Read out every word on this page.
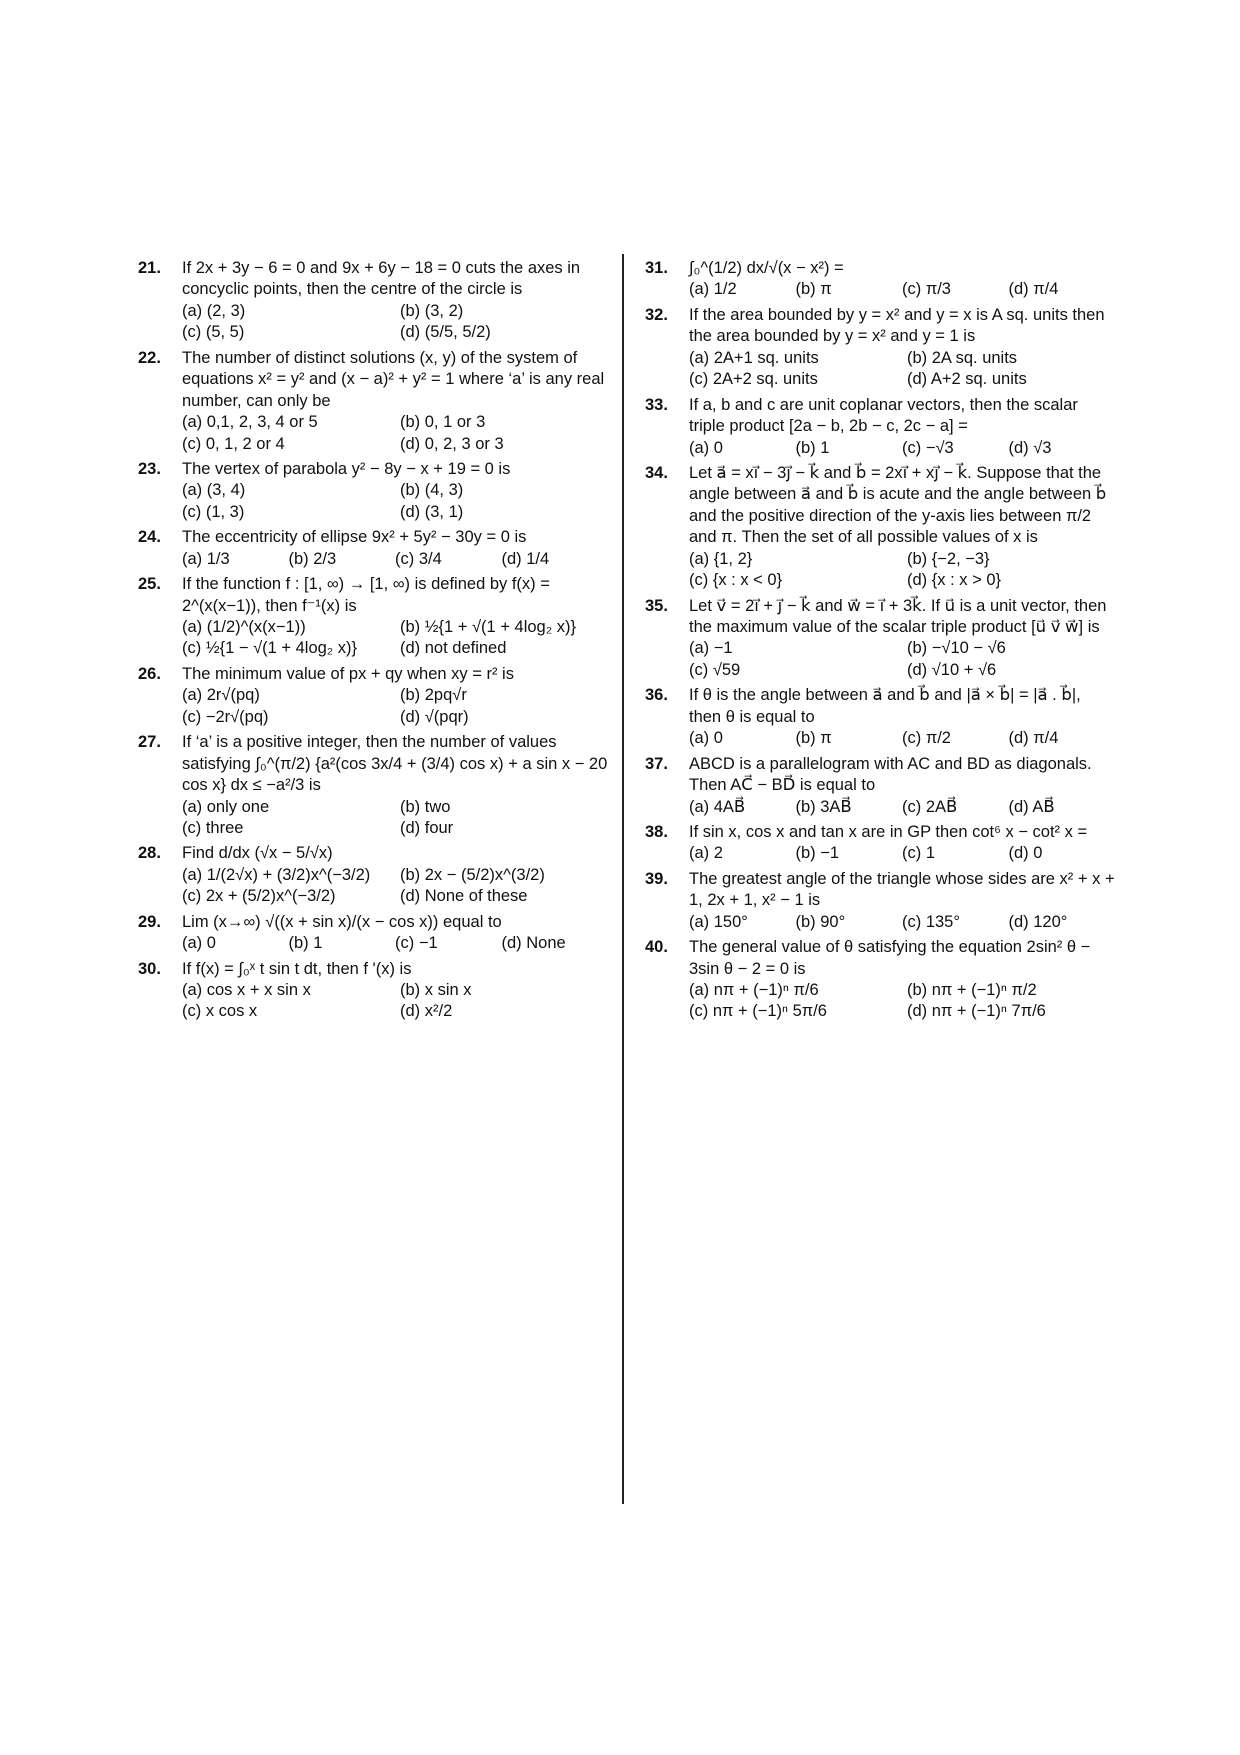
21. If 2x + 3y − 6 = 0 and 9x + 6y − 18 = 0 cuts the axes in concyclic points, then the centre of the circle is
(a) (2, 3)	(b) (3, 2)
(c) (5, 5)	(d) (5/5, 5/2)
22. The number of distinct solutions (x, y) of the system of equations x² = y² and (x − a)² + y² = 1 where ‘a’ is any real number, can only be
(a) 0,1, 2, 3, 4 or 5	(b) 0, 1 or 3
(c) 0, 1, 2 or 4	(d) 0, 2, 3 or 3
23. The vertex of parabola y² − 8y − x + 19 = 0 is
(a) (3, 4)	(b) (4, 3)
(c) (1, 3)	(d) (3, 1)
24. The eccentricity of ellipse 9x² + 5y² − 30y = 0 is
(a) 1/3	(b) 2/3	(c) 3/4	(d) 1/4
25. If the function f : [1, ∞) → [1, ∞) is defined by f(x) = 2^(x(x−1)), then f⁻¹(x) is
(a) (1/2)^(x(x−1))	(b) ½{1 + √(1 + 4log₂ x)}
(c) ½{1 − √(1 + 4log₂ x)}	(d) not defined
26. The minimum value of px + qy when xy = r² is
(a) 2r√(pq)	(b) 2pq√r
(c) −2r√(pq)	(d) √(pqr)
27. If ‘a’ is a positive integer, then the number of values satisfying ∫₀^(π/2) {a²(cos 3x/4 + (3/4) cos x) + a sin x − 20 cos x} dx ≤ −a²/3 is
(a) only one	(b) two
(c) three	(d) four
28. Find d/dx (√x − 5/√x)
(a) 1/(2√x) + (3/2)x^(−3/2)	(b) 2x − (5/2)x^(3/2)
(c) 2x + (5/2)x^(−3/2)	(d) None of these
29. Lim (x→∞) √((x + sin x)/(x − cos x)) equal to
(a) 0	(b) 1	(c) −1	(d) None
30. If f(x) = ∫₀ˣ t sin t dt, then f '(x) is
(a) cos x + x sin x	(b) x sin x
(c) x cos x	(d) x²/2
31. ∫₀^(1/2) dx/√(x − x²) =
(a) 1/2	(b) π	(c) π/3	(d) π/4
32. If the area bounded by y = x² and y = x is A sq. units then the area bounded by y = x² and y = 1 is
(a) 2A+1 sq. units	(b) 2A sq. units
(c) 2A+2 sq. units	(d) A+2 sq. units
33. If a, b and c are unit coplanar vectors, then the scalar triple product [2a − b, 2b − c, 2c − a] =
(a) 0	(b) 1	(c) −√3	(d) √3
34. Let a⃗ = xi⃗ − 3j⃗ − k⃗ and b⃗ = 2xi⃗ + xj⃗ − k⃗. Suppose that the angle between a⃗ and b⃗ is acute and the angle between b⃗ and the positive direction of the y-axis lies between π/2 and π. Then the set of all possible values of x is
(a) {1, 2}	(b) {−2, −3}
(c) {x : x < 0}	(d) {x : x > 0}
35. Let v⃗ = 2i⃗ + j⃗ − k⃗ and w⃗ = i⃗ + 3k⃗. If u⃗ is a unit vector, then the maximum value of the scalar triple product [u⃗ v⃗ w⃗] is
(a) −1	(b) −√10 − √6
(c) √59	(d) √10 + √6
36. If θ is the angle between a⃗ and b⃗ and |a⃗ × b⃗| = |a⃗ . b⃗|, then θ is equal to
(a) 0	(b) π	(c) π/2	(d) π/4
37. ABCD is a parallelogram with AC and BD as diagonals. Then AC⃗ − BD⃗ is equal to
(a) 4AB⃗	(b) 3AB⃗	(c) 2AB⃗	(d) AB⃗
38. If sin x, cos x and tan x are in GP then cot⁶ x − cot² x =
(a) 2	(b) −1	(c) 1	(d) 0
39. The greatest angle of the triangle whose sides are x² + x + 1, 2x + 1, x² − 1 is
(a) 150°	(b) 90°	(c) 135°	(d) 120°
40. The general value of θ satisfying the equation 2sin² θ − 3sin θ − 2 = 0 is
(a) nπ + (−1)ⁿ π/6	(b) nπ + (−1)ⁿ π/2
(c) nπ + (−1)ⁿ 5π/6	(d) nπ + (−1)ⁿ 7π/6
